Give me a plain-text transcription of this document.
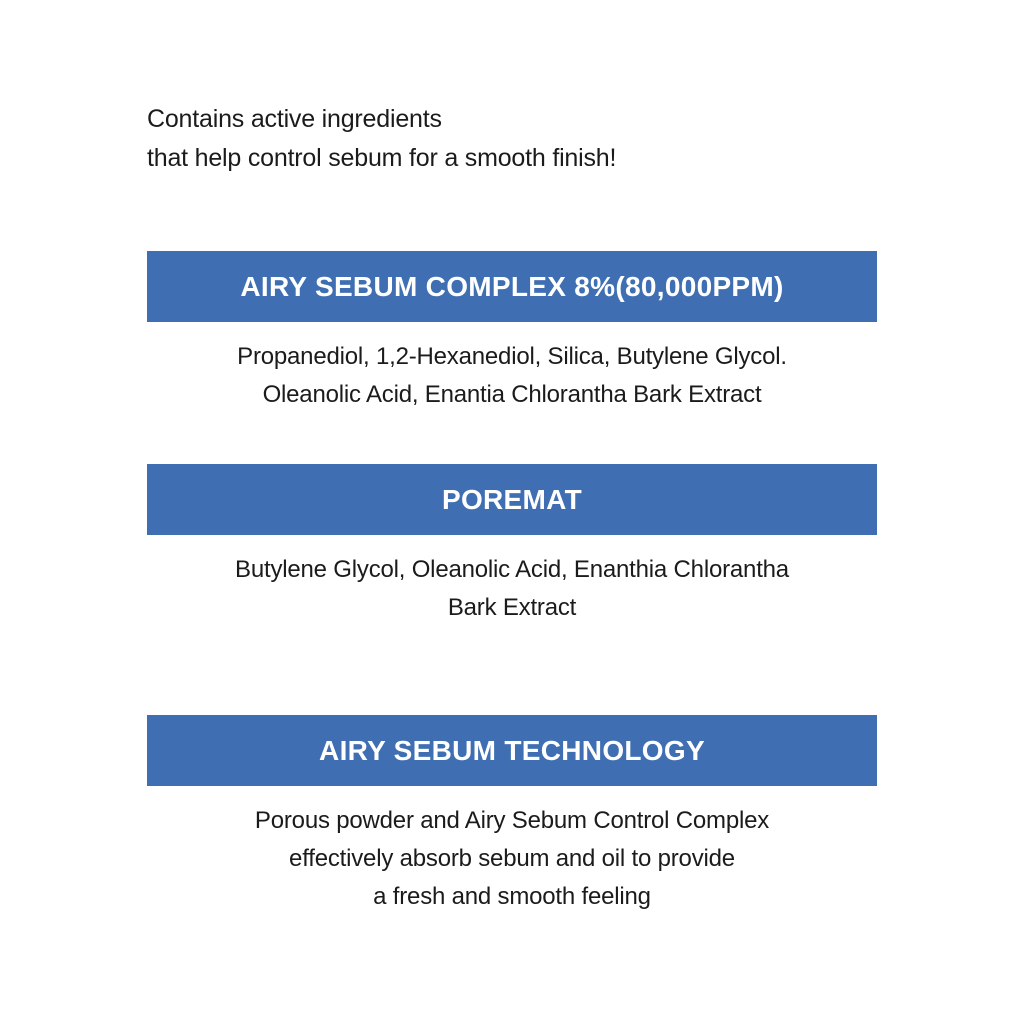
Contains active ingredients
that help control sebum for a smooth finish!
AIRY SEBUM COMPLEX 8%(80,000PPM)
Propanediol, 1,2-Hexanediol, Silica, Butylene Glycol.
Oleanolic Acid, Enantia Chlorantha Bark Extract
POREMAT
Butylene Glycol, Oleanolic Acid, Enanthia Chlorantha
Bark Extract
AIRY SEBUM TECHNOLOGY
Porous powder and Airy Sebum Control Complex
effectively absorb sebum and oil to provide
a fresh and smooth feeling
